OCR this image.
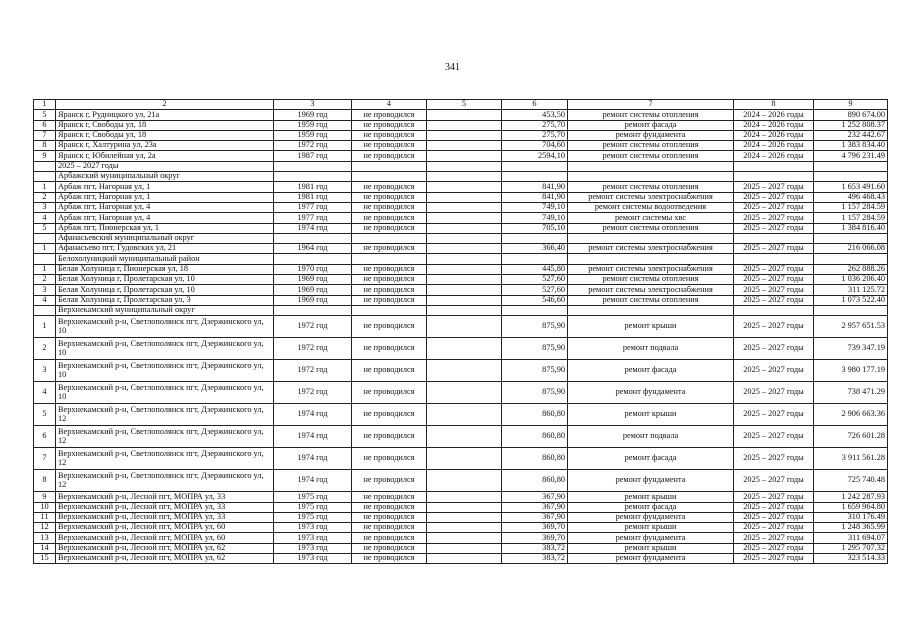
341
1	2	3	4	5	6	7	8	9
5	Яранск г, Рудницкого ул, 21а	1969 год	не проводился		453,50	ремонт системы отопления	2024 – 2026 годы	890 674.00
6	Яранск г, Свободы ул, 18	1959 год	не проводился		275,70	ремонт фасада	2024 – 2026 годы	1 252 808.37
7	Яранск г, Свободы ул, 18	1959 год	не проводился		275,70	ремонт фундамента	2024 – 2026 годы	232 442.67
8	Яранск г, Халтурина ул, 23а	1972 год	не проводился		704,60	ремонт системы отопления	2024 – 2026 годы	1 383 834.40
9	Яранск г, Юбилейная ул, 2а	1987 год	не проводился		2594,10	ремонт системы отопления	2024 – 2026 годы	4 796 231.49
	2025 – 2027 годы							
	Арбажский муниципальный округ							
1	Арбаж пгт, Нагорная ул, 1	1981 год	не проводился		841,90	ремонт системы отопления	2025 – 2027 годы	1 653 491.60
2	Арбаж пгт, Нагорная ул, 1	1981 год	не проводился		841,90	ремонт системы электроснабжения	2025 – 2027 годы	496 468.43
3	Арбаж пгт, Нагорная ул, 4	1977 год	не проводился		749,10	ремонт системы водоотведения	2025 – 2027 годы	1 157 284.59
4	Арбаж пгт, Нагорная ул, 4	1977 год	не проводился		749,10	ремонт системы хвс	2025 – 2027 годы	1 157 284.59
5	Арбаж пгт, Пионерская ул, 1	1974 год	не проводился		705,10	ремонт системы отопления	2025 – 2027 годы	1 384 816.40
	Афанасьевский муниципальный округ							
1	Афанасьево пгт, Гудовских ул, 21	1964 год	не проводился		366,40	ремонт системы электроснабжения	2025 – 2027 годы	216 066.08
	Белохолуницкий муниципальный район							
1	Белая Холуница г, Пионерская ул, 18	1970 год	не проводился		445,80	ремонт системы электроснабжения	2025 – 2027 годы	262 888.26
2	Белая Холуница г, Пролетарская ул, 10	1969 год	не проводился		527,60	ремонт системы отопления	2025 – 2027 годы	1 036 206.40
3	Белая Холуница г, Пролетарская ул, 10	1969 год	не проводился		527,60	ремонт системы электроснабжения	2025 – 2027 годы	311 125.72
4	Белая Холуница г, Пролетарская ул, 3	1969 год	не проводился		546,60	ремонт системы отопления	2025 – 2027 годы	1 073 522.40
	Верхнекамский муниципальный округ							
1	Верхнекамский р-н, Светлополянск пгт, Дзержинского ул, 10	1972 год	не проводился		875,90	ремонт крыши	2025 – 2027 годы	2 957 651.53
2	Верхнекамский р-н, Светлополянск пгт, Дзержинского ул, 10	1972 год	не проводился		875,90	ремонт подвала	2025 – 2027 годы	739 347.19
3	Верхнекамский р-н, Светлополянск пгт, Дзержинского ул, 10	1972 год	не проводился		875,90	ремонт фасада	2025 – 2027 годы	3 980 177.19
4	Верхнекамский р-н, Светлополянск пгт, Дзержинского ул, 10	1972 год	не проводился		875,90	ремонт фундамента	2025 – 2027 годы	738 471.29
5	Верхнекамский р-н, Светлополянск пгт, Дзержинского ул, 12	1974 год	не проводился		860,80	ремонт крыши	2025 – 2027 годы	2 906 663.36
6	Верхнекамский р-н, Светлополянск пгт, Дзержинского ул, 12	1974 год	не проводился		860,80	ремонт подвала	2025 – 2027 годы	726 601.28
7	Верхнекамский р-н, Светлополянск пгт, Дзержинского ул, 12	1974 год	не проводился		860,80	ремонт фасада	2025 – 2027 годы	3 911 561.28
8	Верхнекамский р-н, Светлополянск пгт, Дзержинского ул, 12	1974 год	не проводился		860,80	ремонт фундамента	2025 – 2027 годы	725 740.48
9	Верхнекамский р-н, Лесной пгт, МОПРА ул, 33	1975 год	не проводился		367,90	ремонт крыши	2025 – 2027 годы	1 242 287.93
10	Верхнекамский р-н, Лесной пгт, МОПРА ул, 33	1975 год	не проводился		367,90	ремонт фасада	2025 – 2027 годы	1 659 964.80
11	Верхнекамский р-н, Лесной пгт, МОПРА ул, 33	1975 год	не проводился		367,90	ремонт фундамента	2025 – 2027 годы	310 176.49
12	Верхнекамский р-н, Лесной пгт, МОПРА ул, 60	1973 год	не проводился		369,70	ремонт крыши	2025 – 2027 годы	1 248 365.99
13	Верхнекамский р-н, Лесной пгт, МОПРА ул, 60	1973 год	не проводился		369,70	ремонт фундамента	2025 – 2027 годы	311 694.07
14	Верхнекамский р-н, Лесной пгт, МОПРА ул, 62	1973 год	не проводился		383,72	ремонт крыши	2025 – 2027 годы	1 295 707.32
15	Верхнекамский р-н, Лесной пгт, МОПРА ул, 62	1973 год	не проводился		383,72	ремонт фундамента	2025 – 2027 годы	323 514.33
